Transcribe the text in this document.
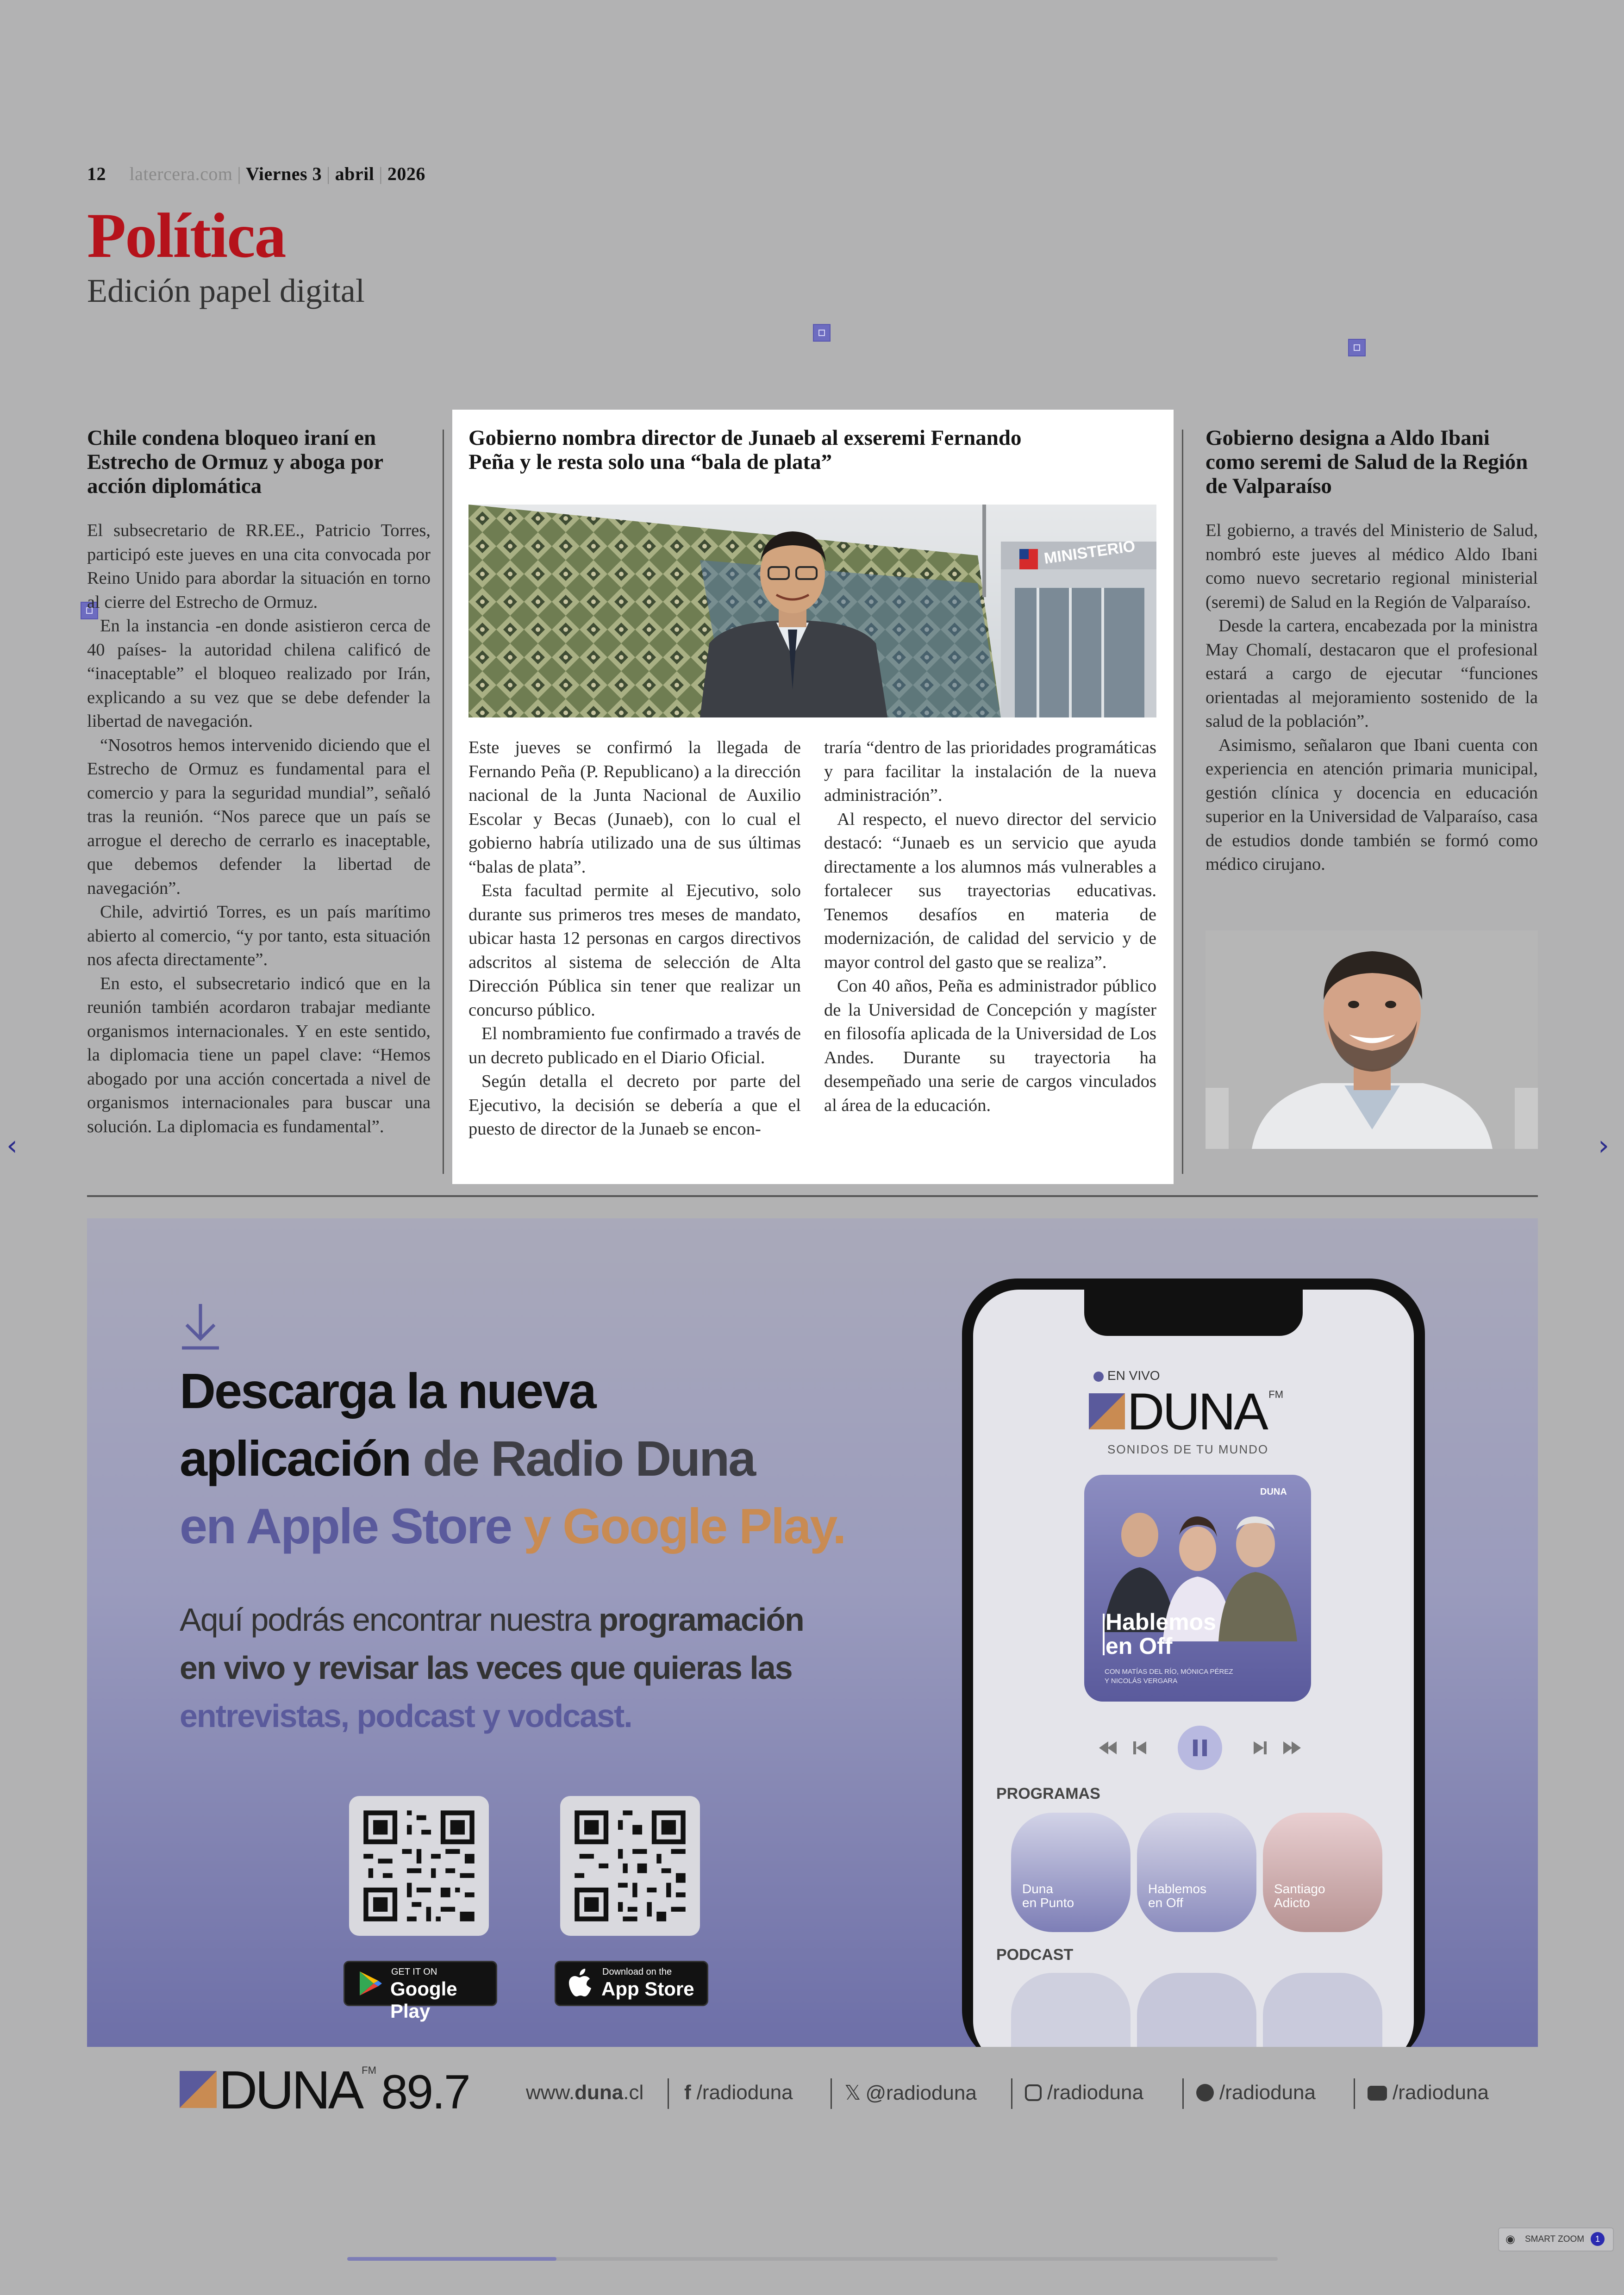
12 latercera.com | Viernes 3 | abril | 2026
Política
Edición papel digital
Chile condena bloqueo iraní en Estrecho de Ormuz y aboga por acción diplomática

El subsecretario de RR.EE., Patricio Torres, participó este jueves en una cita convocada por Reino Unido para abordar la situación en torno al cierre del Estrecho de Ormuz.

En la instancia -en donde asistieron cerca de 40 países- la autoridad chilena calificó de “inaceptable” el bloqueo realizado por Irán, explicando a su vez que se debe defender la libertad de navegación.

“Nosotros hemos intervenido diciendo que el Estrecho de Ormuz es fundamental para el comercio y para la seguridad mundial”, señaló tras la reunión. “Nos parece que un país se arrogue el derecho de cerrarlo es inaceptable, que debemos defender la libertad de navegación”.

Chile, advirtió Torres, es un país marítimo abierto al comercio, “y por tanto, esta situación nos afecta directamente”.

En esto, el subsecretario indicó que en la reunión también acordaron trabajar mediante organismos internacionales. Y en este sentido, la diplomacia tiene un papel clave: “Hemos abogado por una acción concertada a nivel de organismos internacionales para buscar una solución. La diplomacia es fundamental”.

Gobierno nombra director de Junaeb al exseremi Fernando Peña y le resta solo una “bala de plata”
MINISTERIO

Este jueves se confirmó la llegada de Fernando Peña (P. Republicano) a la dirección nacional de la Junta Nacional de Auxilio Escolar y Becas (Junaeb), con lo cual el gobierno habría utilizado una de sus últimas “balas de plata”.

Esta facultad permite al Ejecutivo, solo durante sus primeros tres meses de mandato, ubicar hasta 12 personas en cargos directivos adscritos al sistema de selección de Alta Dirección Pública sin tener que realizar un concurso público.

El nombramiento fue confirmado a través de un decreto publicado en el Diario Oficial.

Según detalla el decreto por parte del Ejecutivo, la decisión se debería a que el puesto de director de la Junaeb se encon-

traría “dentro de las prioridades programáticas y para facilitar la instalación de la nueva administración”.

Al respecto, el nuevo director del servicio destacó: “Junaeb es un servicio que ayuda directamente a los alumnos más vulnerables a fortalecer sus trayectorias educativas. Tenemos desafíos en materia de modernización, de calidad del servicio y de mayor control del gasto que se realiza”.

Con 40 años, Peña es administrador público de la Universidad de Concepción y magíster en filosofía aplicada de la Universidad de Los Andes. Durante su trayectoria ha desempeñado una serie de cargos vinculados al área de la educación.

Gobierno designa a Aldo Ibani como seremi de Salud de la Región de Valparaíso

El gobierno, a través del Ministerio de Salud, nombró este jueves al médico Aldo Ibani como nuevo secretario regional ministerial (seremi) de Salud en la Región de Valparaíso.

Desde la cartera, encabezada por la ministra May Chomalí, destacaron que el profesional estará a cargo de ejecutar “funciones orientadas al mejoramiento sostenido de la salud de la población”.

Asimismo, señalaron que Ibani cuenta con experiencia en atención primaria municipal, gestión clínica y docencia en educación superior en la Universidad de Valparaíso, casa de estudios donde también se formó como médico cirujano.

Descarga la nueva
aplicación de Radio Duna
en Apple Store y Google Play.
Aquí podrás encontrar nuestra programación
en vivo y revisar las veces que quieras las
entrevistas, podcast y vodcast.
GET IT ON
Google Play
Download on the
App Store
EN VIVO
DUNA FM
SONIDOS DE TU MUNDO
DUNA
Hablemos
en Off
CON MATÍAS DEL RÍO, MÓNICA PÉREZ
Y NICOLÁS VERGARA
PROGRAMAS
Duna
en Punto
Hablemos
en Off
Santiago
Adicto
PODCAST
DUNAFM 89.7	www.duna.cl f /radioduna	𝕏 @radioduna	/radioduna	/radioduna	/radioduna
‹	›
◉ SMART ZOOM	1
